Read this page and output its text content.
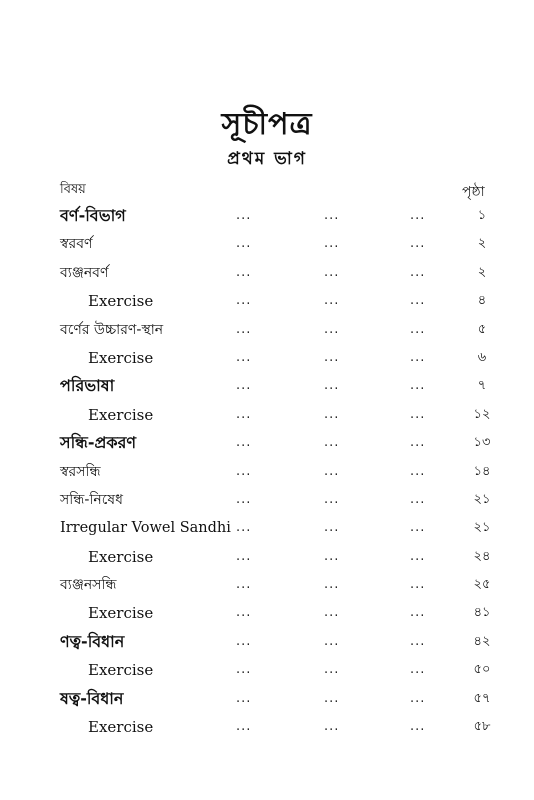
সূচীপত্র
প্রথম ভাগ
বিষয়	পৃষ্ঠা
বর্ণ-বিভাগ	...	...	...	১
স্বরবর্ণ	...	...	...	২
ব্যঞ্জনবর্ণ	...	...	...	২
Exercise	...	...	...	৪
বর্ণের উচ্চারণ-স্থান	...	...	...	৫
Exercise	...	...	...	৬
পরিভাষা	...	...	...	৭
Exercise	...	...	...	১২
সন্ধি-প্রকরণ	...	...	...	১৩
স্বরসন্ধি	...	...	...	১৪
সন্ধি-নিষেধ	...	...	...	২১
Irregular Vowel Sandhi ...	...	...	২১
Exercise	...	...	...	২৪
ব্যঞ্জনসন্ধি	...	...	...	২৫
Exercise	...	...	...	৪১
ণত্ব-বিধান	...	...	...	৪২
Exercise	...	...	...	৫০
ষত্ব-বিধান	...	...	...	৫৭
Exercise	...	...	...	৫৮
